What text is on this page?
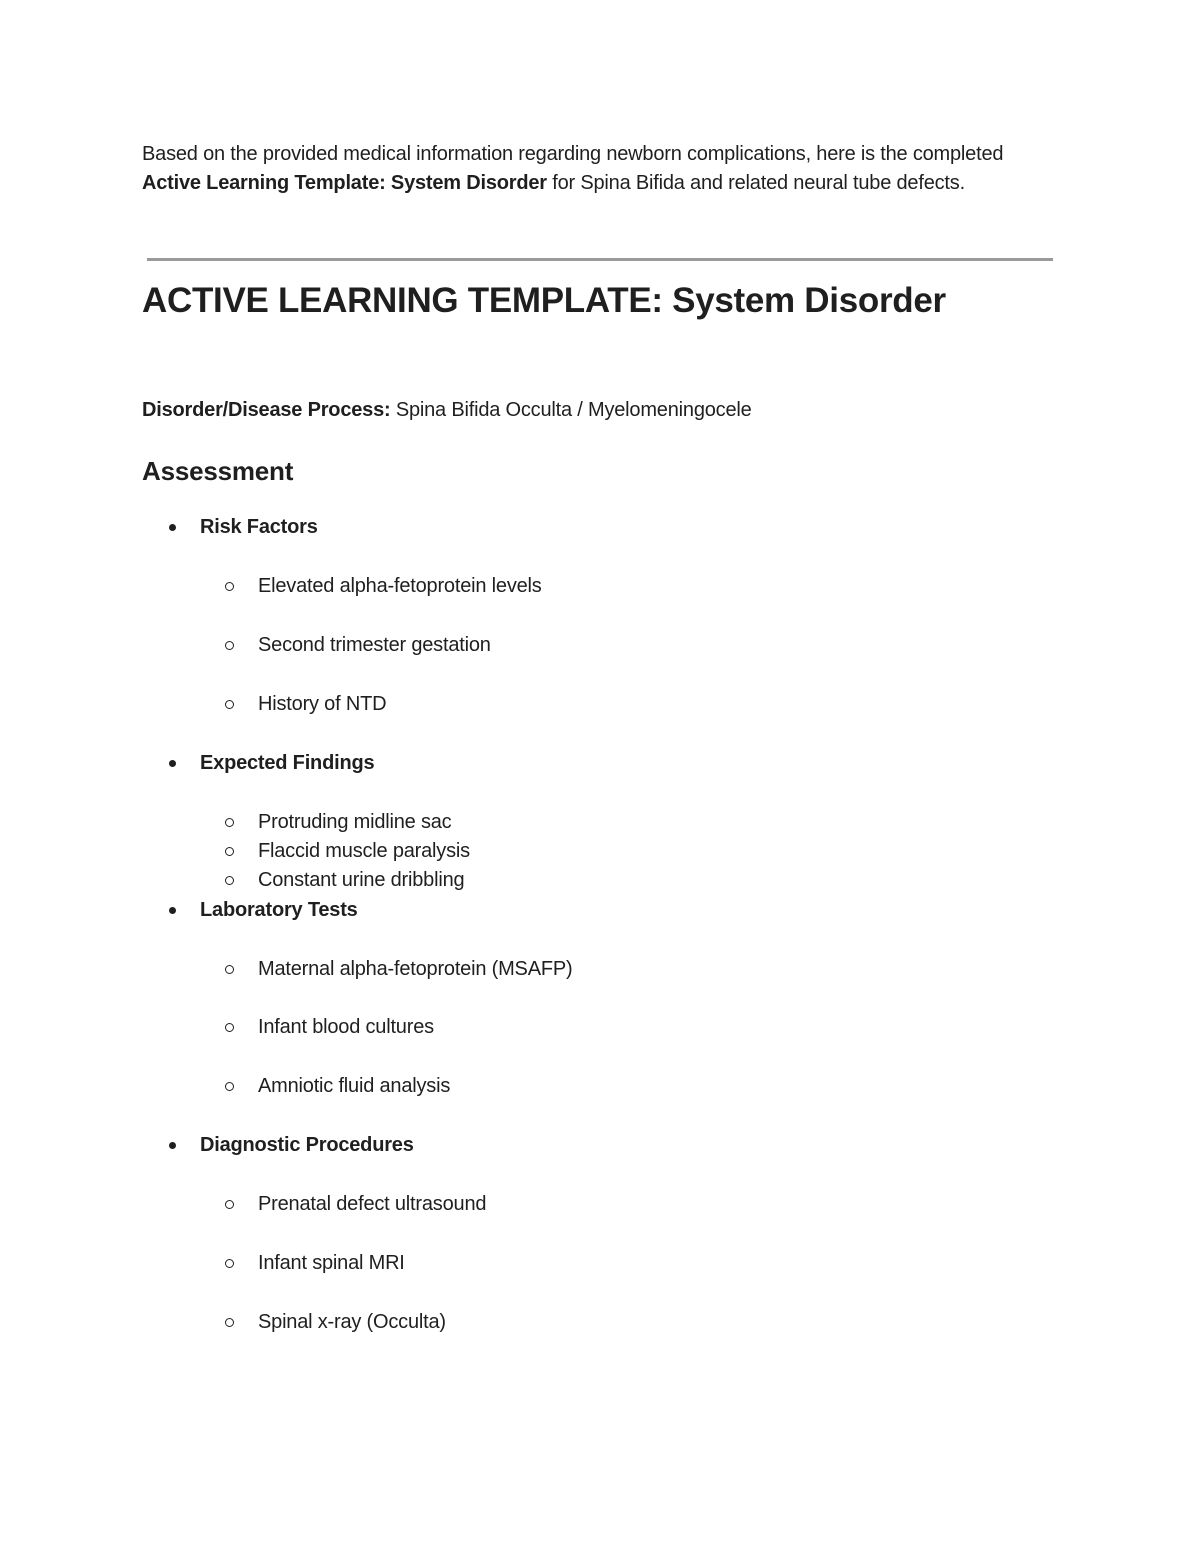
Based on the provided medical information regarding newborn complications, here is the completed Active Learning Template: System Disorder for Spina Bifida and related neural tube defects.
ACTIVE LEARNING TEMPLATE: System Disorder
Disorder/Disease Process: Spina Bifida Occulta / Myelomeningocele
Assessment
Risk Factors
Elevated alpha-fetoprotein levels
Second trimester gestation
History of NTD
Expected Findings
Protruding midline sac
Flaccid muscle paralysis
Constant urine dribbling
Laboratory Tests
Maternal alpha-fetoprotein (MSAFP)
Infant blood cultures
Amniotic fluid analysis
Diagnostic Procedures
Prenatal defect ultrasound
Infant spinal MRI
Spinal x-ray (Occulta)
